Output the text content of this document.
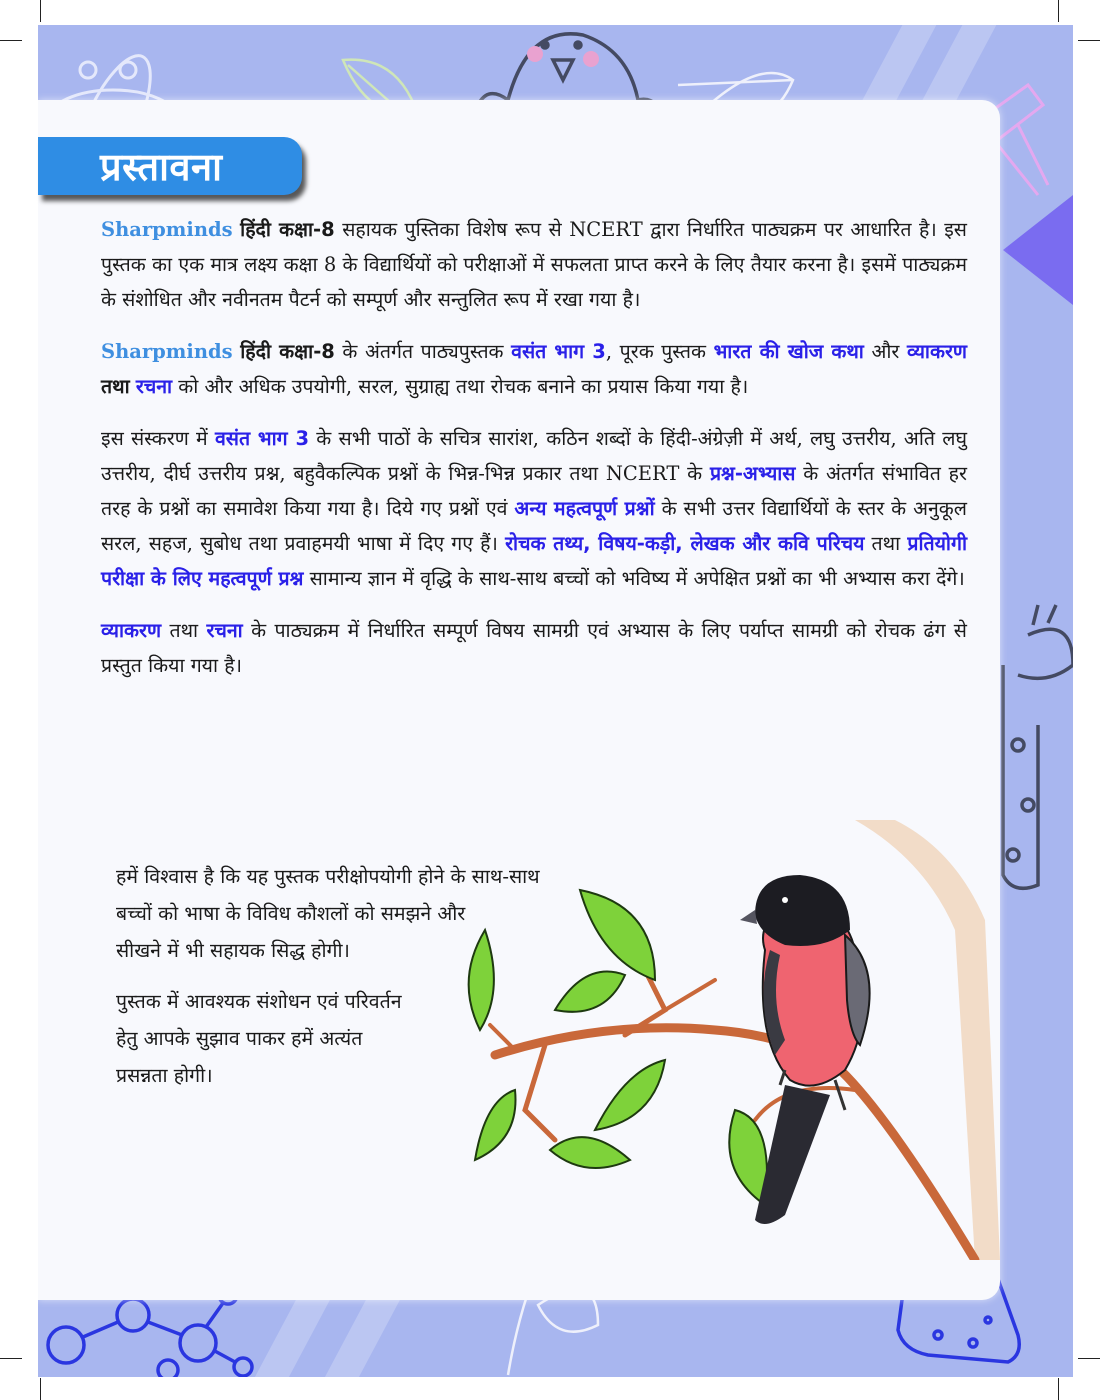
प्रस्तावना

Sharpminds हिंदी कक्षा-8 सहायक पुस्तिका विशेष रूप से NCERT द्वारा निर्धारित पाठ्यक्रम पर आधारित है। इस पुस्तक का एक मात्र लक्ष्य कक्षा 8 के विद्यार्थियों को परीक्षाओं में सफलता प्राप्त करने के लिए तैयार करना है। इसमें पाठ्यक्रम के संशोधित और नवीनतम पैटर्न को सम्पूर्ण और सन्तुलित रूप में रखा गया है।

Sharpminds हिंदी कक्षा-8 के अंतर्गत पाठ्यपुस्तक वसंत भाग 3, पूरक पुस्तक भारत की खोज कथा और व्याकरण तथा रचना को और अधिक उपयोगी, सरल, सुग्राह्य तथा रोचक बनाने का प्रयास किया गया है।

इस संस्करण में वसंत भाग 3 के सभी पाठों के सचित्र सारांश, कठिन शब्दों के हिंदी-अंग्रेज़ी में अर्थ, लघु उत्तरीय, अति लघु उत्तरीय, दीर्घ उत्तरीय प्रश्न, बहुवैकल्पिक प्रश्नों के भिन्न-भिन्न प्रकार तथा NCERT के प्रश्न-अभ्यास के अंतर्गत संभावित हर तरह के प्रश्नों का समावेश किया गया है। दिये गए प्रश्नों एवं अन्य महत्वपूर्ण प्रश्नों के सभी उत्तर विद्यार्थियों के स्तर के अनुकूल सरल, सहज, सुबोध तथा प्रवाहमयी भाषा में दिए गए हैं। रोचक तथ्य, विषय-कड़ी, लेखक और कवि परिचय तथा प्रतियोगी परीक्षा के लिए महत्वपूर्ण प्रश्न सामान्य ज्ञान में वृद्धि के साथ-साथ बच्चों को भविष्य में अपेक्षित प्रश्नों का भी अभ्यास करा देंगे।

व्याकरण तथा रचना के पाठ्यक्रम में निर्धारित सम्पूर्ण विषय सामग्री एवं अभ्यास के लिए पर्याप्त सामग्री को रोचक ढंग से प्रस्तुत किया गया है।

हमें विश्वास है कि यह पुस्तक परीक्षोपयोगी होने के साथ-साथ
बच्चों को भाषा के विविध कौशलों को समझने और
सीखने में भी सहायक सिद्ध होगी।

पुस्तक में आवश्यक संशोधन एवं परिवर्तन
हेतु आपके सुझाव पाकर हमें अत्यंत
प्रसन्नता होगी।
